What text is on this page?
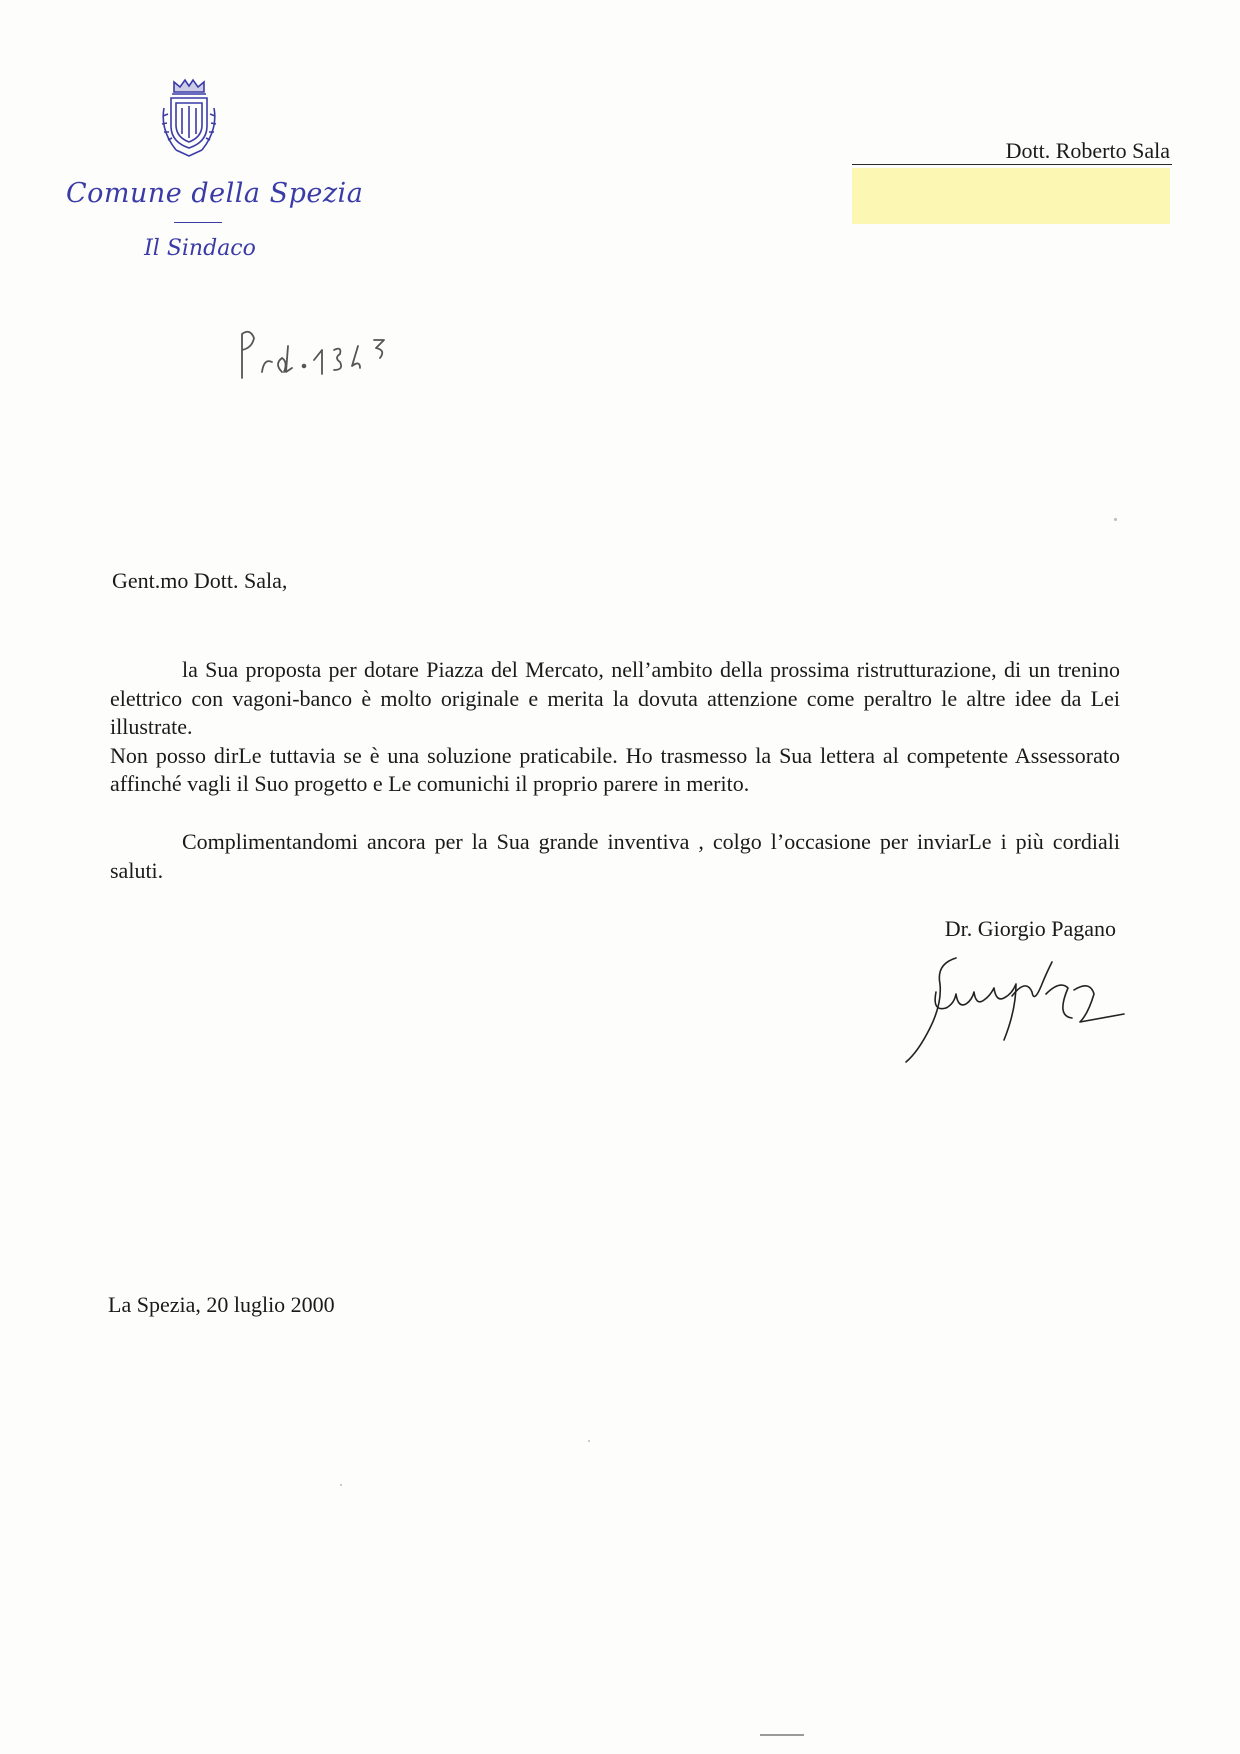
Comune della Spezia
Il Sindaco
Dott. Roberto Sala
Gent.mo Dott. Sala,
la Sua proposta per dotare Piazza del Mercato, nell’ambito della prossima ristrutturazione, di un trenino elettrico con vagoni-banco è molto originale e merita la dovuta attenzione come peraltro le altre idee da Lei illustrate.
Non posso dirLe tuttavia se è una soluzione praticabile. Ho trasmesso la Sua lettera al competente Assessorato affinché vagli il Suo progetto e Le comunichi il proprio parere in merito.
Complimentandomi ancora per la Sua grande inventiva , colgo l’occasione per inviarLe i più cordiali saluti.
Dr. Giorgio Pagano
La Spezia, 20 luglio 2000
